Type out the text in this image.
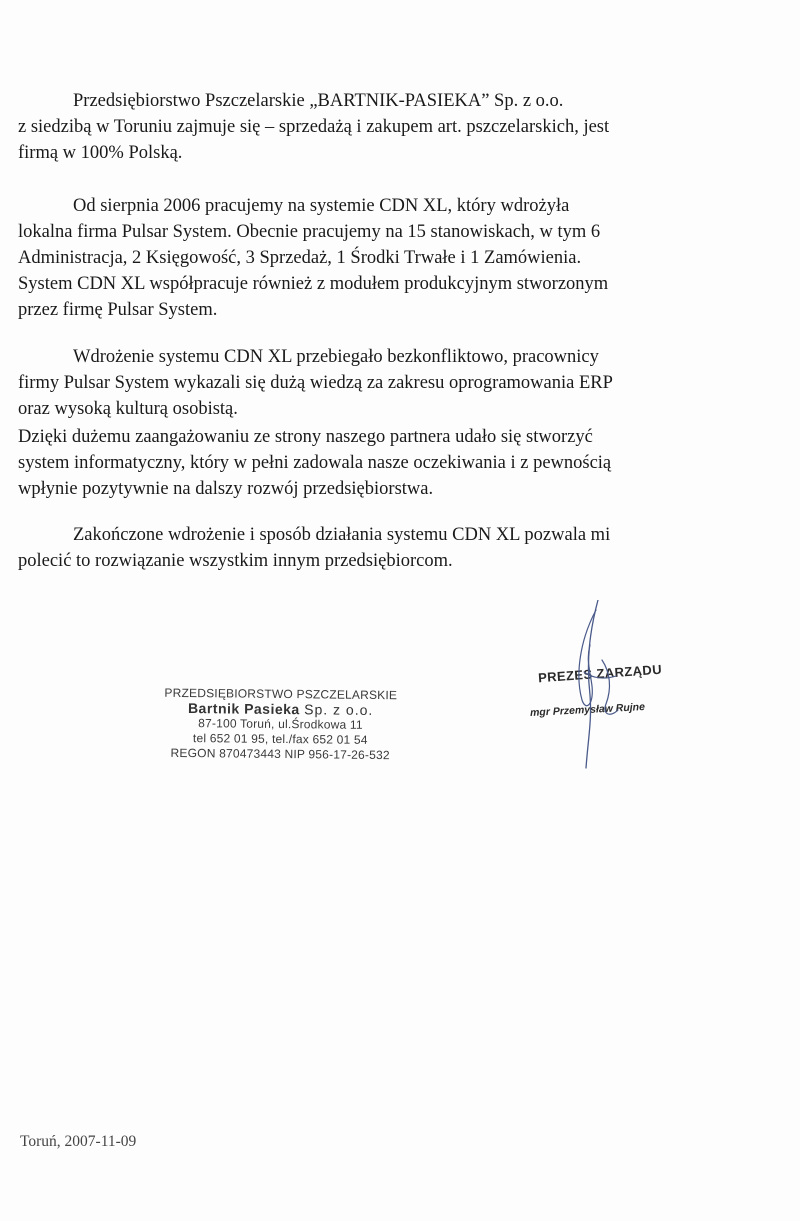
Przedsiębiorstwo Pszczelarskie „BARTNIK-PASIEKA” Sp. z o.o.
z siedzibą w Toruniu zajmuje się – sprzedażą i zakupem art. pszczelarskich, jest
firmą w 100% Polską.
Od sierpnia 2006 pracujemy na systemie CDN XL, który wdrożyła
lokalna firma Pulsar System. Obecnie pracujemy na 15 stanowiskach, w tym 6
Administracja, 2 Księgowość, 3 Sprzedaż, 1 Środki Trwałe i 1 Zamówienia.
System CDN XL współpracuje również z modułem produkcyjnym stworzonym
przez firmę Pulsar System.
Wdrożenie systemu CDN XL przebiegało bezkonfliktowo, pracownicy
firmy Pulsar System wykazali się dużą wiedzą za zakresu oprogramowania ERP
oraz wysoką kulturą osobistą.
Dzięki dużemu zaangażowaniu ze strony naszego partnera udało się stworzyć
system informatyczny, który w pełni zadowala nasze oczekiwania i z pewnością
wpłynie pozytywnie na dalszy rozwój przedsiębiorstwa.
Zakończone wdrożenie i sposób działania systemu CDN XL pozwala mi
polecić to rozwiązanie wszystkim innym przedsiębiorcom.
PRZEDSIĘBIORSTWO PSZCZELARSKIE
Bartnik Pasieka Sp. z o.o.
87-100 Toruń, ul.Środkowa 11
tel 652 01 95, tel./fax 652 01 54
REGON 870473443 NIP 956-17-26-532
PREZES ZARZĄDU
mgr Przemysław Rujne
Toruń, 2007-11-09
